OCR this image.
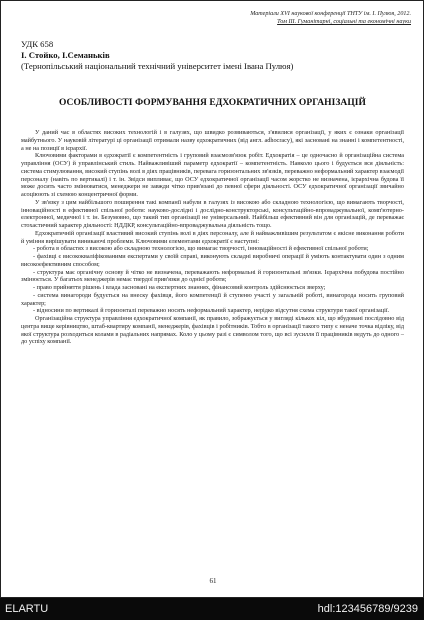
Матеріали XVI наукової конференції ТНТУ ім. І. Пулюя, 2012.
Том ІІІ. Гуманітарні, соціальні та економічні науки
УДК 658
І. Стойко, І.Семаньків
(Тернопільський національний технічний університет імені Івана Пулюя)
ОСОБЛИВОСТІ ФОРМУВАННЯ ЕДХОКРАТИЧНИХ ОРГАНІЗАЦІЙ

У даний час в областях високих технологій і в галузях, що швидко розвиваються, з'явилися організації, у яких є ознаки організації майбутнього. У науковій літературі ці організації отримали назву едхократичних (від англ. adhocracy), які засновані на знанні і компетентності, а не на позиції в ієрархії.

Ключовими факторами в едхократії є компетентність і груповий взаємозв'язок робіт. Едхократія – це одночасно й організаційна система управління (ОСУ) й управлінський стиль. Найважливіший параметр едхократії – компетентність. Навколо цього і будується вся діяльність: система стимулювання, високий ступінь волі в діях працівників, перевага горизонтальних зв'язків, переважно неформальний характер взаємодії персоналу (навіть по вертикалі) і т. ін. Звідси випливає, що ОСУ едхократичної організації часом жорстко не визначена, ієрархічна будова її може досить часто змінюватися, менеджери не завжди чітко прив'язані до певної сфери діяльності. ОСУ едхократичної організації звичайно асоціюють зі схемою концентричної форми.

У зв'язку з цим найбільшого поширення такі компанії набули в галузях із високою або складною технологією, що вимагають творчості, інноваційності в ефективної спільної роботи: науково-дослідні і дослідно-конструкторські, консультаційно-впроваджувальної, комп'ютерно-електронної, медичної і т. ін. Безумовно, що такий тип організації не універсальний. Найбільш ефективний він для організацій, де переважає стохастичний характер діяльності: НДДКР, консультаційно-впроваджувальна діяльність тощо.

Едхократичній організації властивий високий ступінь волі в діях персоналу, але й найважливішим результатом є якісне виконання роботи й уміння вирішувати виникаючі проблеми. Ключовими елементами едхократії є наступні:

- робота в областях з високою або складною технологією, що вимагає творчості, інноваційності й ефективної спільної роботи;

- фахівці є висококваліфікованими експертами у своїй справі, виконують складні виробничі операції й уміють контактувати один з одним високоефективним способом;

- структура має органічну основу й чітко не визначена, переважають неформальні й горизонтальні зв'язки. Ієрархічна побудова постійно змінюється. У багатьох менеджерів немає твердої прив'язки до однієї роботи;

- право прийняття рішень і влада засновані на експертних знаннях, фінансовий контроль здійснюється зверху;

- система винагороди будується на внеску фахівця, його компетенції й ступеню участі у загальній роботі, винагорода носить груповий характер;

- відносини по вертикалі й горизонталі переважно носять неформальний характер, нерідко відсутня схема структури такої організації.

Організаційна структура управління едхократичної компанії, як правило, зображується у вигляді кількох кіл, що вбудовані послідовно від центра вище керівництво, штаб-квартиру компанії, менеджерів, фахівців і робітників. Тобто в організації такого типу є неначе точка відліку, від якої структура розходиться колами в радіальних напрямах. Коло у цьому разі є символом того, що всі зусилля її працівників ведуть до одного – до успіху компанії.

61
ELARTU	hdl:123456789/9239
